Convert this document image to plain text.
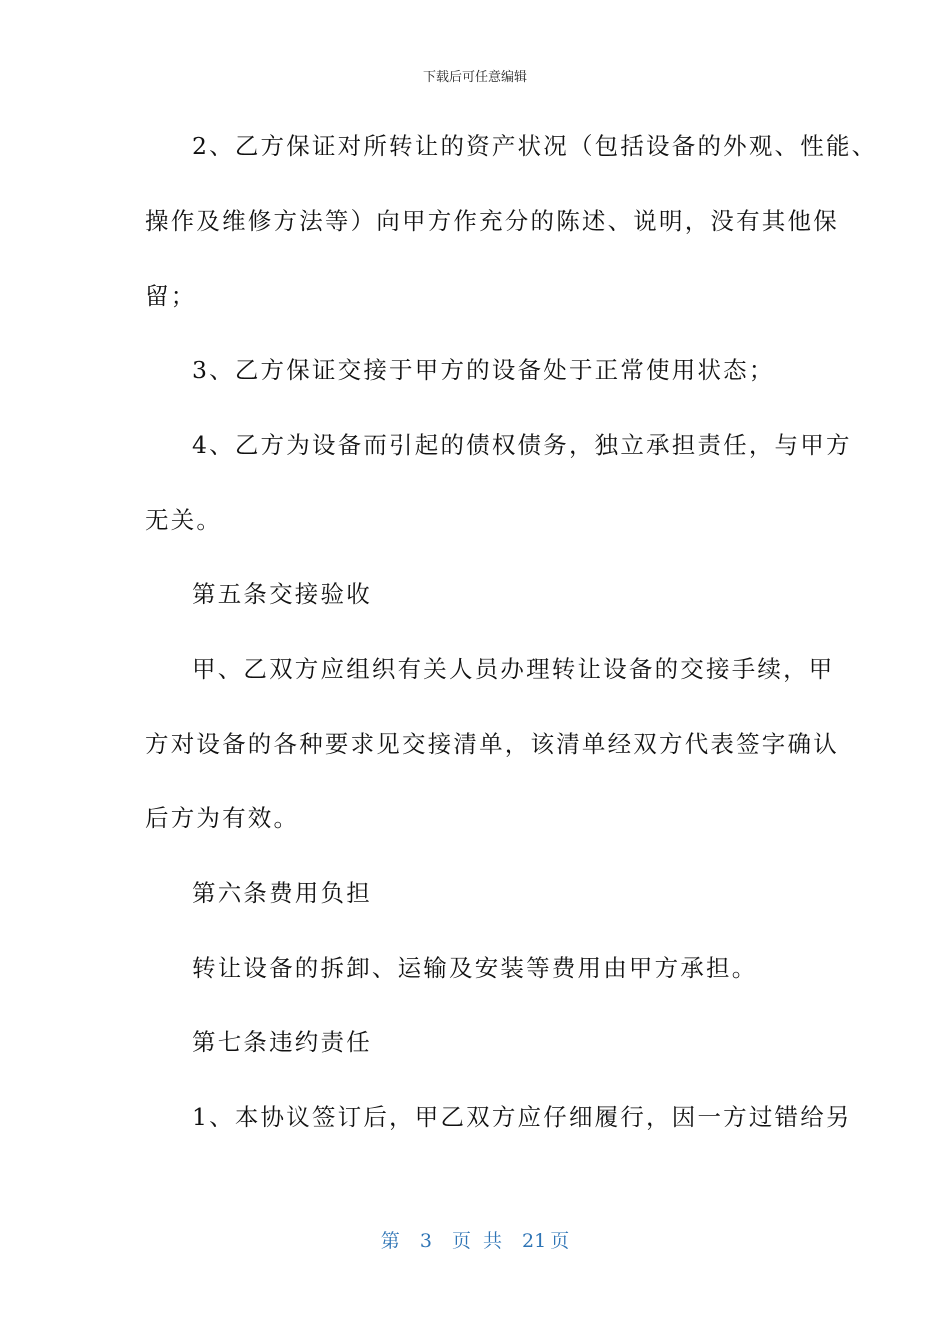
下载后可任意编辑
2、乙方保证对所转让的资产状况（包括设备的外观、性能、
操作及维修方法等）向甲方作充分的陈述、说明，没有其他保
留；
3、乙方保证交接于甲方的设备处于正常使用状态；
4、乙方为设备而引起的债权债务，独立承担责任，与甲方
无关。
第五条交接验收
甲、乙双方应组织有关人员办理转让设备的交接手续，甲
方对设备的各种要求见交接清单，该清单经双方代表签字确认
后方为有效。
第六条费用负担
转让设备的拆卸、运输及安装等费用由甲方承担。
第七条违约责任
1、本协议签订后，甲乙双方应仔细履行，因一方过错给另
第 3 页 共 21 页
